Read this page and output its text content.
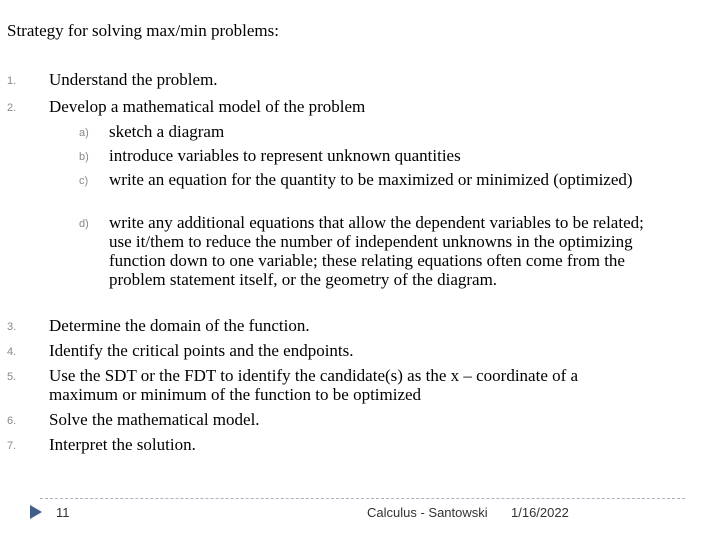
Strategy for solving max/min problems:
1. Understand the problem.
2. Develop a mathematical model of the problem
a) sketch a diagram
b) introduce variables to represent unknown quantities
c) write an equation for the quantity to be maximized or minimized (optimized)
d) write any additional equations that allow the dependent variables to be related; use it/them to reduce the number of independent unknowns in the optimizing function down to one variable; these relating equations often come from the problem statement itself, or the geometry of the diagram.
3. Determine the domain of the function.
4. Identify the critical points and the endpoints.
5. Use the SDT or the FDT to identify the candidate(s) as the x – coordinate of a maximum or minimum of the function to be optimized
6. Solve the mathematical model.
7. Interpret the solution.
11	Calculus - Santowski 1/16/2022
